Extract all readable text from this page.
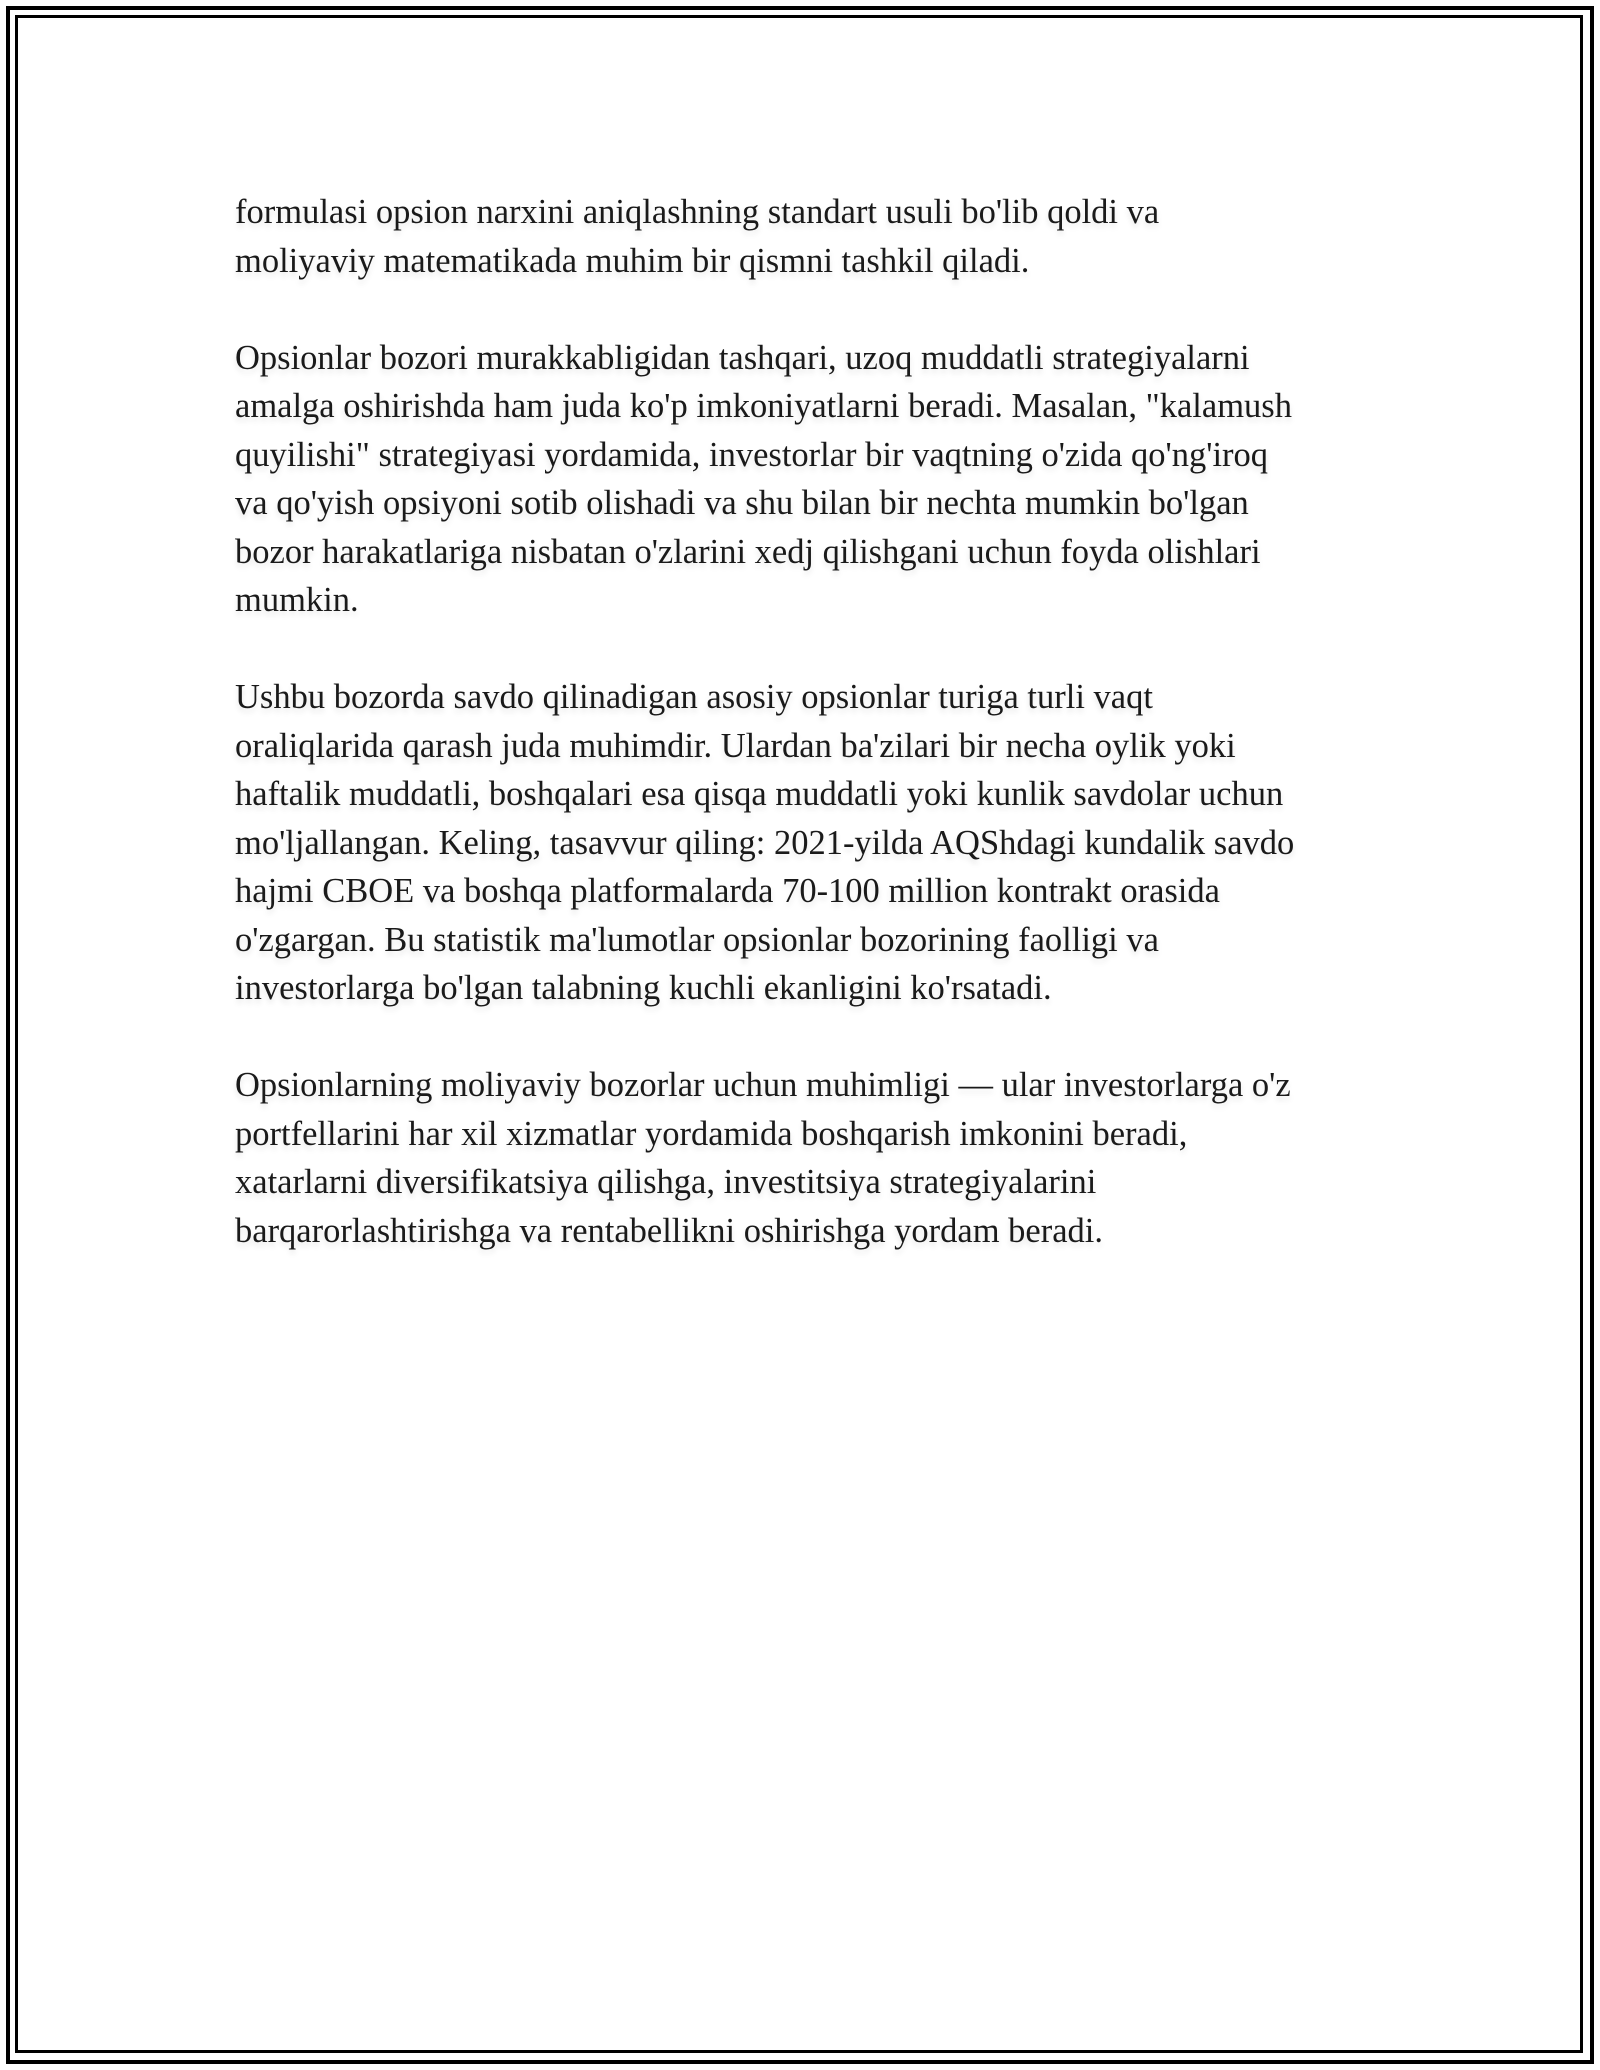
formulasi opsion narxini aniqlashning standart usuli bo'lib qoldi va
moliyaviy matematikada muhim bir qismni tashkil qiladi.

Opsionlar bozori murakkabligidan tashqari, uzoq muddatli strategiyalarni
amalga oshirishda ham juda ko'p imkoniyatlarni beradi. Masalan, "kalamush
quyilishi" strategiyasi yordamida, investorlar bir vaqtning o'zida qo'ng'iroq
va qo'yish opsiyoni sotib olishadi va shu bilan bir nechta mumkin bo'lgan
bozor harakatlariga nisbatan o'zlarini xedj qilishgani uchun foyda olishlari
mumkin.

Ushbu bozorda savdo qilinadigan asosiy opsionlar turiga turli vaqt
oraliqlarida qarash juda muhimdir. Ulardan ba'zilari bir necha oylik yoki
haftalik muddatli, boshqalari esa qisqa muddatli yoki kunlik savdolar uchun
mo'ljallangan. Keling, tasavvur qiling: 2021-yilda AQShdagi kundalik savdo
hajmi CBOE va boshqa platformalarda 70-100 million kontrakt orasida
o'zgargan. Bu statistik ma'lumotlar opsionlar bozorining faolligi va
investorlarga bo'lgan talabning kuchli ekanligini ko'rsatadi.

Opsionlarning moliyaviy bozorlar uchun muhimligi — ular investorlarga o'z
portfellarini har xil xizmatlar yordamida boshqarish imkonini beradi,
xatarlarni diversifikatsiya qilishga, investitsiya strategiyalarini
barqarorlashtirishga va rentabellikni oshirishga yordam beradi.
